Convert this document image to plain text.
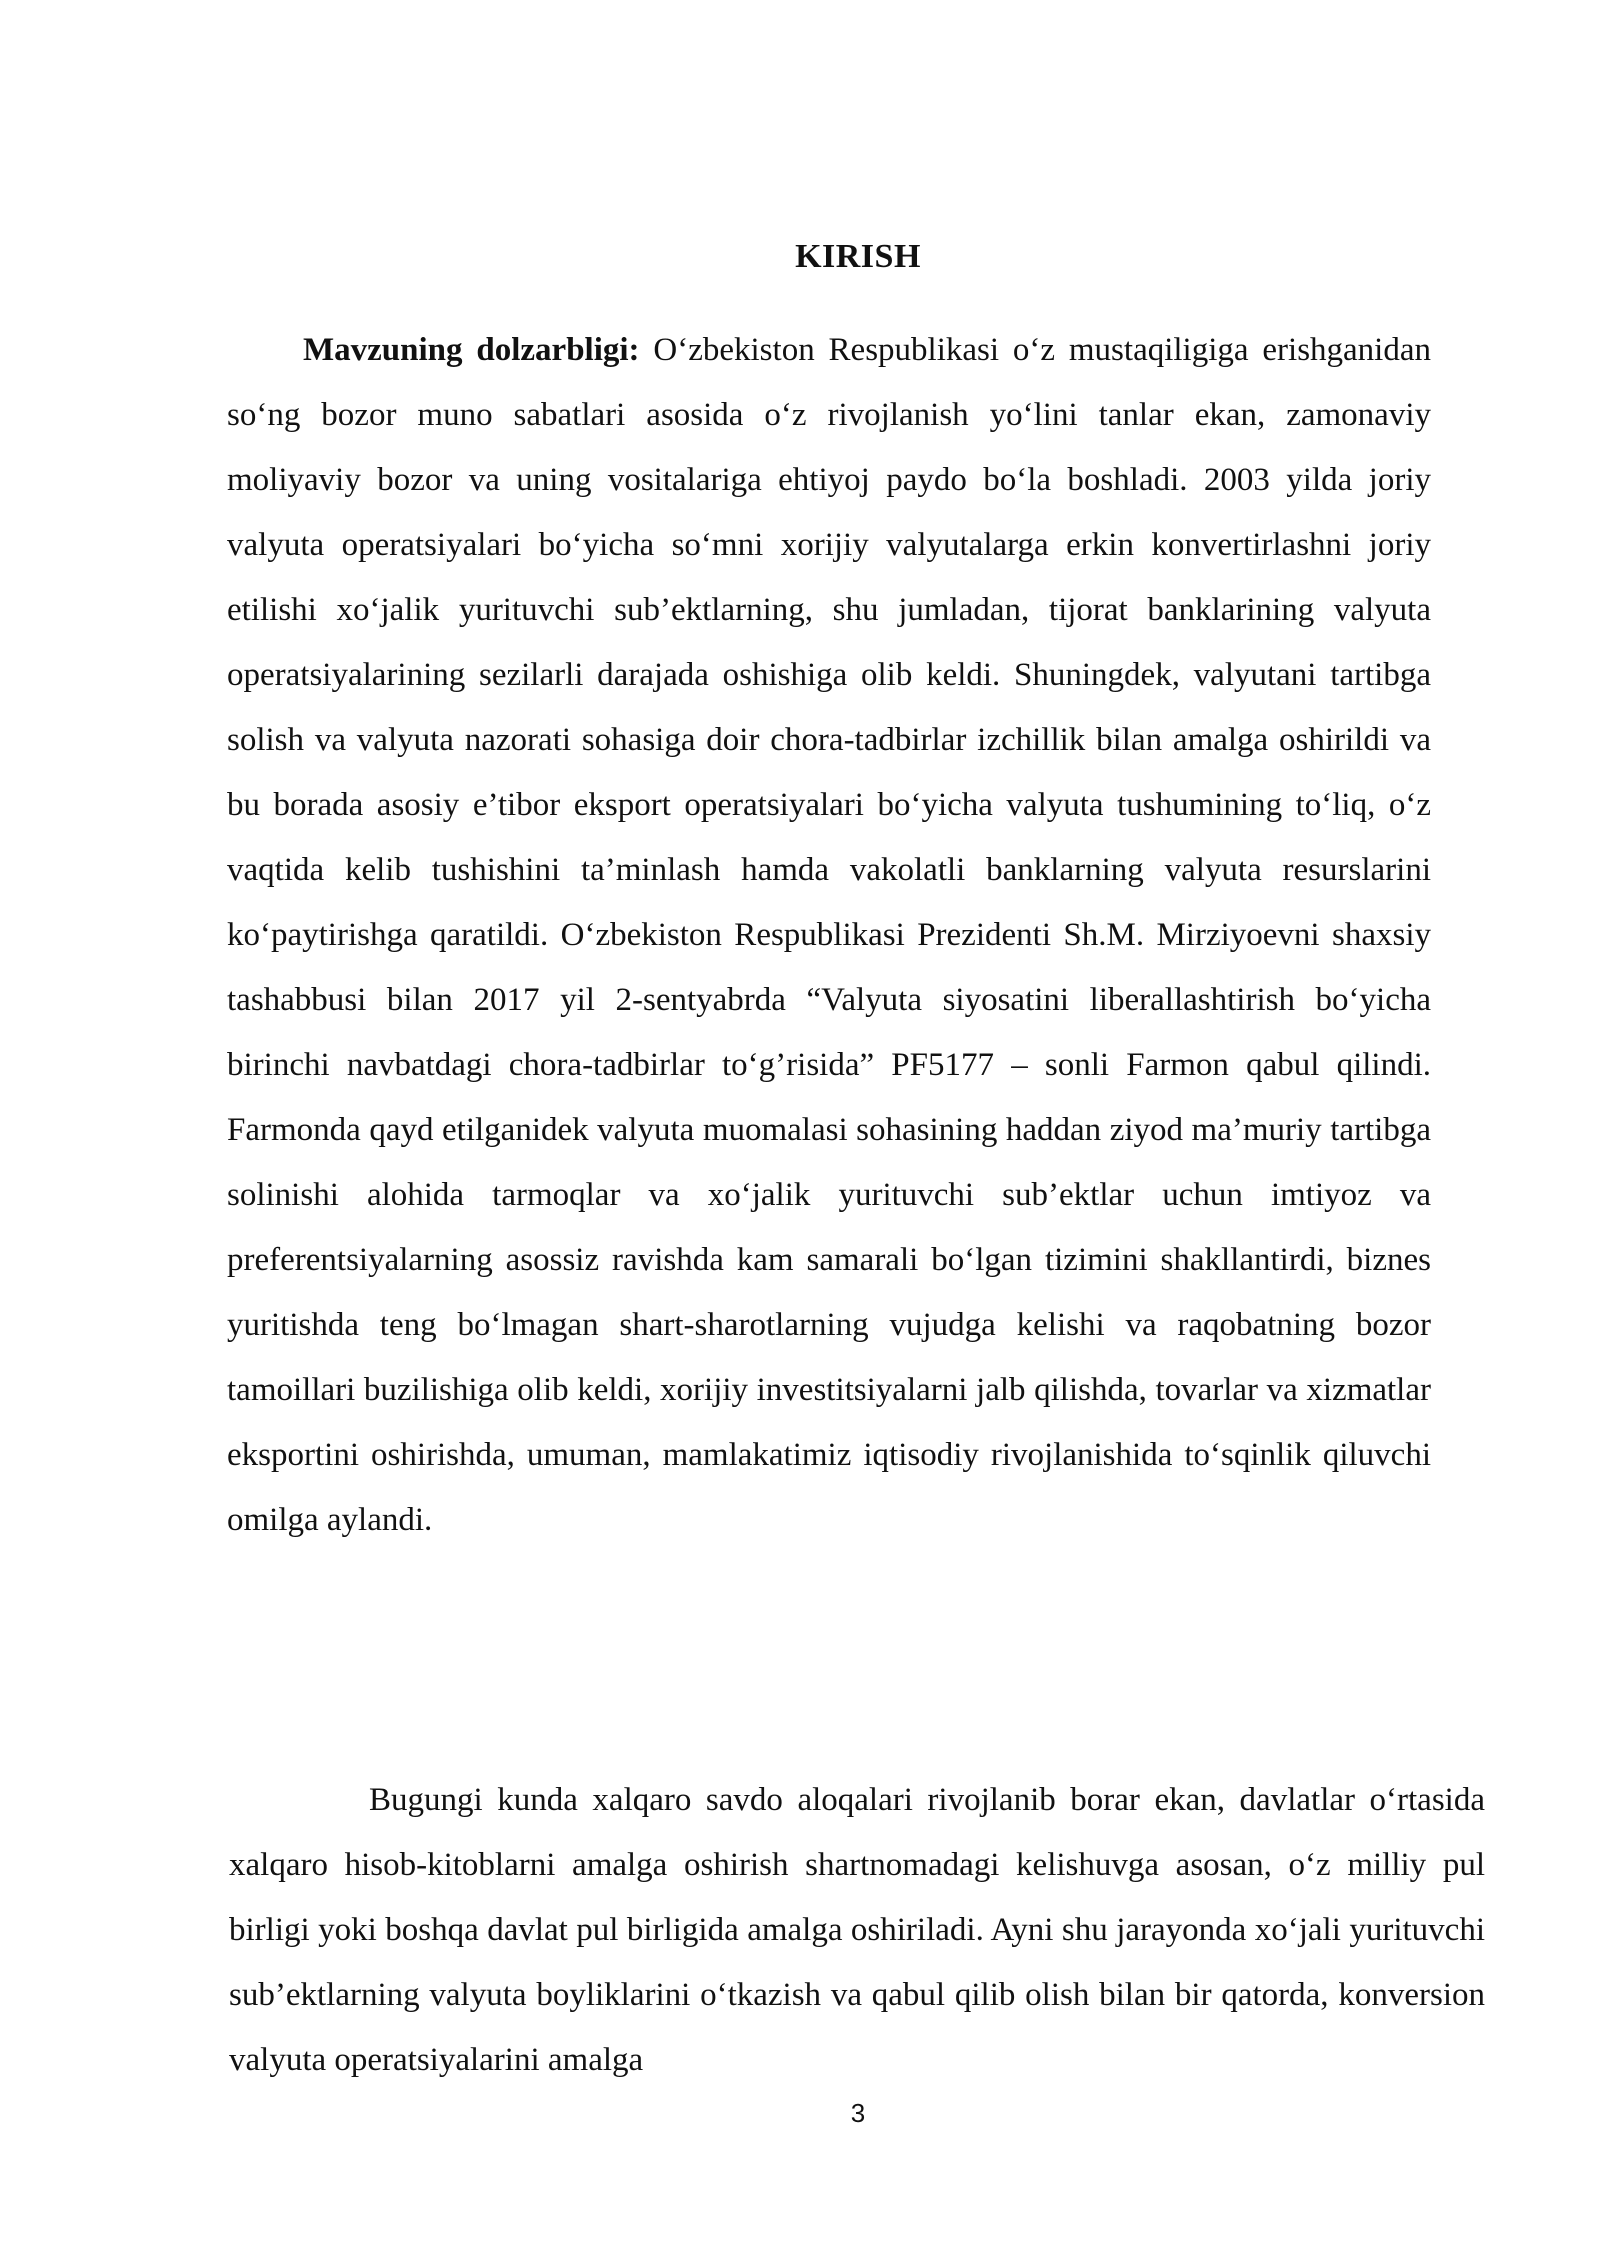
KIRISH

Mavzuning dolzarbligi: O‘zbekiston Respublikasi o‘z mustaqiligiga erishganidan so‘ng bozor muno sabatlari asosida o‘z rivojlanish yo‘lini tanlar ekan, zamonaviy moliyaviy bozor va uning vositalariga ehtiyoj paydo bo‘la boshladi. 2003 yilda joriy valyuta operatsiyalari bo‘yicha so‘mni xorijiy valyutalarga erkin konvertirlashni joriy etilishi xo‘jalik yurituvchi sub’ektlarning, shu jumladan, tijorat banklarining valyuta operatsiyalarining sezilarli darajada oshishiga olib keldi. Shuningdek, valyutani tartibga solish va valyuta nazorati sohasiga doir chora-tadbirlar izchillik bilan amalga oshirildi va bu borada asosiy e’tibor eksport operatsiyalari bo‘yicha valyuta tushumining to‘liq, o‘z vaqtida kelib tushishini ta’minlash hamda vakolatli banklarning valyuta resurslarini ko‘paytirishga qaratildi. O‘zbekiston Respublikasi Prezidenti Sh.M. Mirziyoevni shaxsiy tashabbusi bilan 2017 yil 2-sentyabrda “Valyuta siyosatini liberallashtirish bo‘yicha birinchi navbatdagi chora-tadbirlar to‘g’risida” PF5177 – sonli Farmon qabul qilindi. Farmonda qayd etilganidek valyuta muomalasi sohasining haddan ziyod ma’muriy tartibga solinishi alohida tarmoqlar va xo‘jalik yurituvchi sub’ektlar uchun imtiyoz va preferentsiyalarning asossiz ravishda kam samarali bo‘lgan tizimini shakllantirdi, biznes yuritishda teng bo‘lmagan shart-sharotlarning vujudga kelishi va raqobatning bozor tamoillari buzilishiga olib keldi, xorijiy investitsiyalarni jalb qilishda, tovarlar va xizmatlar eksportini oshirishda, umuman, mamlakatimiz iqtisodiy rivojlanishida to‘sqinlik qiluvchi omilga aylandi.

Bugungi kunda xalqaro savdo aloqalari rivojlanib borar ekan, davlatlar o‘rtasida xalqaro hisob-kitoblarni amalga oshirish shartnomadagi kelishuvga asosan, o‘z milliy pul birligi yoki boshqa davlat pul birligida amalga oshiriladi. Ayni shu jarayonda xo‘jali yurituvchi sub’ektlarning valyuta boyliklarini o‘tkazish va qabul qilib olish bilan bir qatorda, konversion valyuta operatsiyalarini amalga

3
